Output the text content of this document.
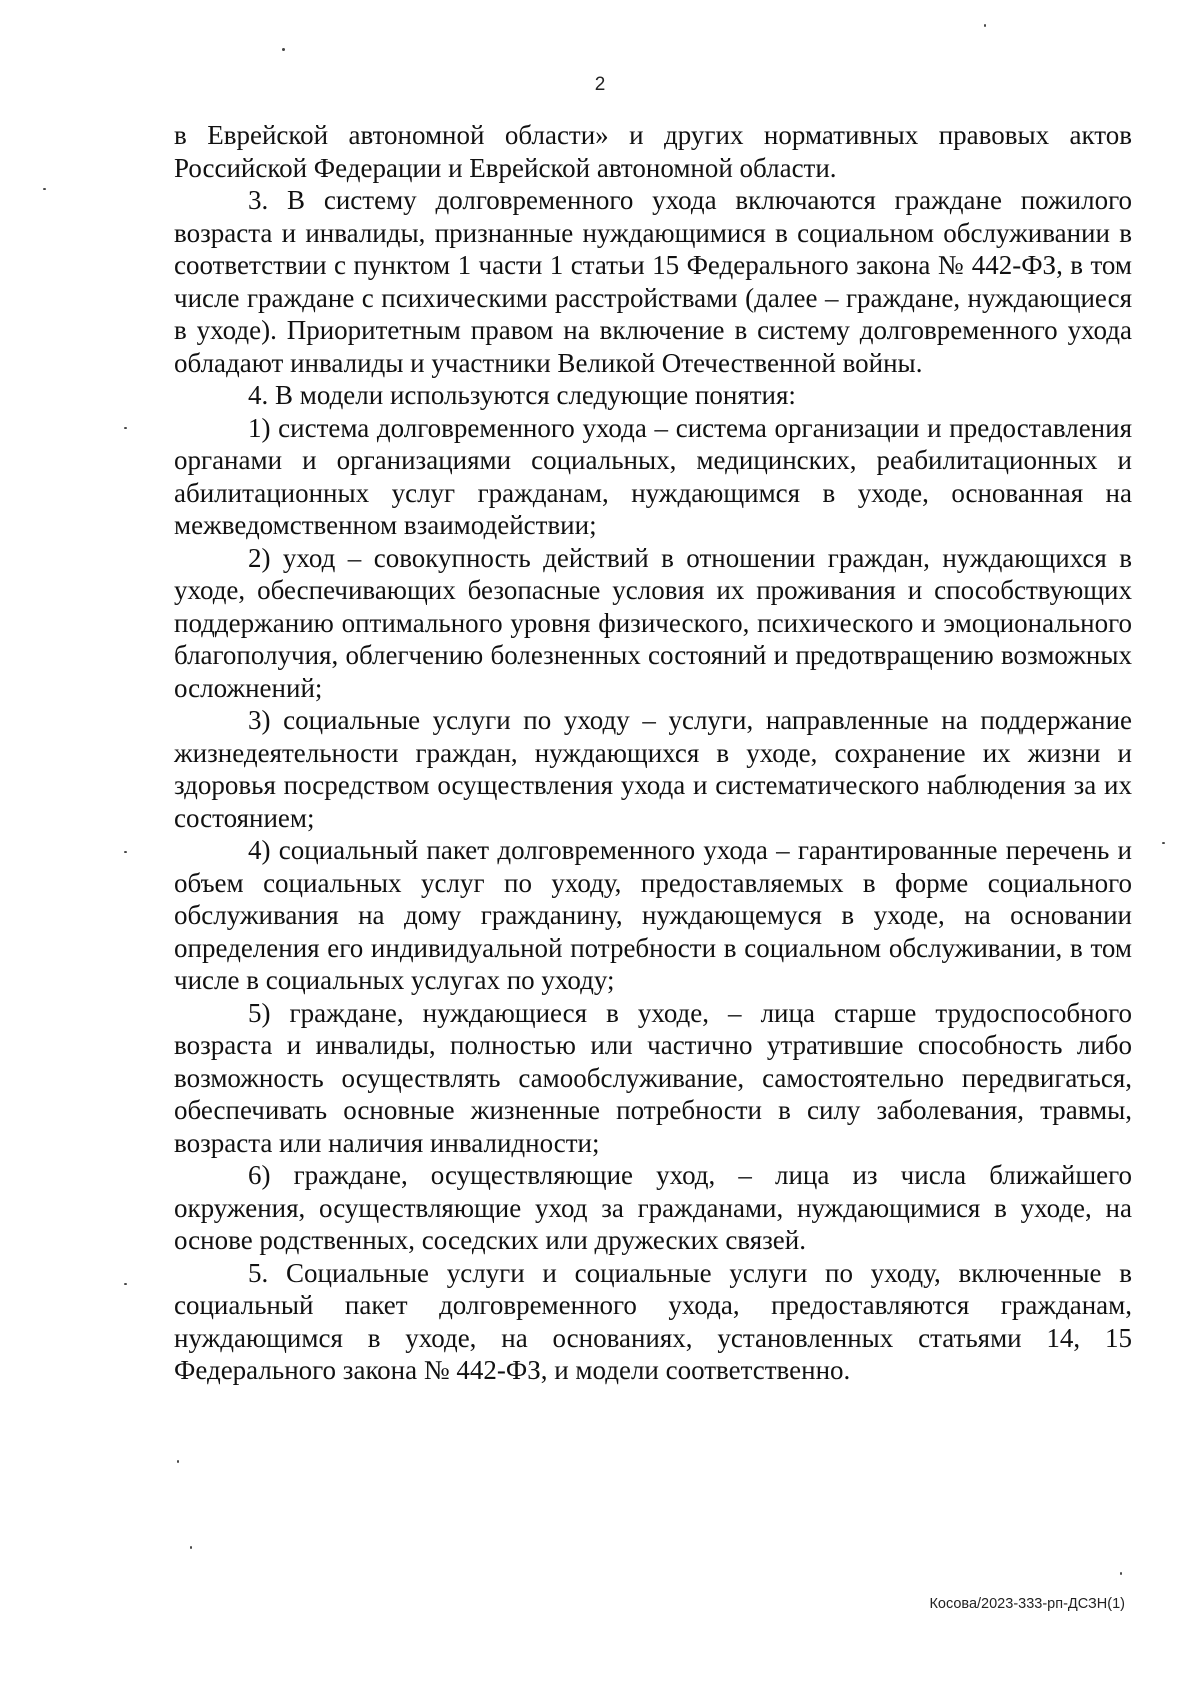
2

в Еврейской автономной области» и других нормативных правовых актов Российской Федерации и Еврейской автономной области.

3. В систему долговременного ухода включаются граждане пожилого возраста и инвалиды, признанные нуждающимися в социальном обслуживании в соответствии с пунктом 1 части 1 статьи 15 Федерального закона № 442-ФЗ, в том числе граждане с психическими расстройствами (далее – граждане, нуждающиеся в уходе). Приоритетным правом на включение в систему долговременного ухода обладают инвалиды и участники Великой Отечественной войны.

4. В модели используются следующие понятия:

1) система долговременного ухода – система организации и предоставления органами и организациями социальных, медицинских, реабилитационных и абилитационных услуг гражданам, нуждающимся в уходе, основанная на межведомственном взаимодействии;

2) уход – совокупность действий в отношении граждан, нуждающихся в уходе, обеспечивающих безопасные условия их проживания и способствующих поддержанию оптимального уровня физического, психического и эмоционального благополучия, облегчению болезненных состояний и предотвращению возможных осложнений;

3) социальные услуги по уходу – услуги, направленные на поддержание жизнедеятельности граждан, нуждающихся в уходе, сохранение их жизни и здоровья посредством осуществления ухода и систематического наблюдения за их состоянием;

4) социальный пакет долговременного ухода – гарантированные перечень и объем социальных услуг по уходу, предоставляемых в форме социального обслуживания на дому гражданину, нуждающемуся в уходе, на основании определения его индивидуальной потребности в социальном обслуживании, в том числе в социальных услугах по уходу;

5) граждане, нуждающиеся в уходе, – лица старше трудоспособного возраста и инвалиды, полностью или частично утратившие способность либо возможность осуществлять самообслуживание, самостоятельно передвигаться, обеспечивать основные жизненные потребности в силу заболевания, травмы, возраста или наличия инвалидности;

6) граждане, осуществляющие уход, – лица из числа ближайшего окружения, осуществляющие уход за гражданами, нуждающимися в уходе, на основе родственных, соседских или дружеских связей.

5. Социальные услуги и социальные услуги по уходу, включенные в социальный пакет долговременного ухода, предоставляются гражданам, нуждающимся в уходе, на основаниях, установленных статьями 14, 15 Федерального закона № 442-ФЗ, и модели соответственно.

Косова/2023-333-рп-ДСЗН(1)
